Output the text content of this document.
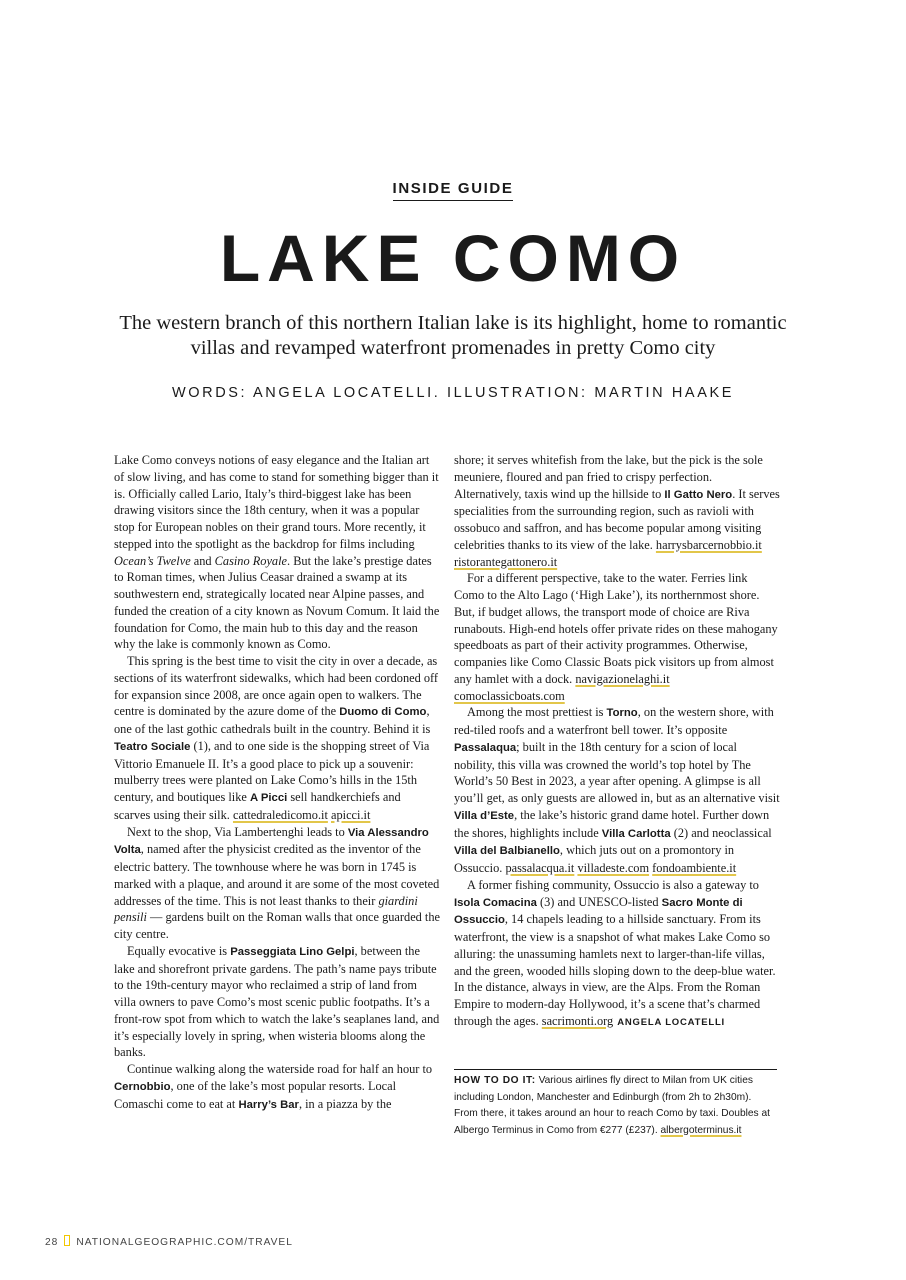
INSIDE GUIDE
LAKE COMO
The western branch of this northern Italian lake is its highlight, home to romantic villas and revamped waterfront promenades in pretty Como city
WORDS: ANGELA LOCATELLI. ILLUSTRATION: MARTIN HAAKE

Lake Como conveys notions of easy elegance and the Italian art of slow living, and has come to stand for something bigger than it is. Officially called Lario, Italy’s third-biggest lake has been drawing visitors since the 18th century, when it was a popular stop for European nobles on their grand tours. More recently, it stepped into the spotlight as the backdrop for films including Ocean’s Twelve and Casino Royale. But the lake’s prestige dates to Roman times, when Julius Ceasar drained a swamp at its southwestern end, strategically located near Alpine passes, and funded the creation of a city known as Novum Comum. It laid the foundation for Como, the main hub to this day and the reason why the lake is commonly known as Como.

This spring is the best time to visit the city in over a decade, as sections of its waterfront sidewalks, which had been cordoned off for expansion since 2008, are once again open to walkers. The centre is dominated by the azure dome of the Duomo di Como, one of the last gothic cathedrals built in the country. Behind it is Teatro Sociale (1), and to one side is the shopping street of Via Vittorio Emanuele II. It’s a good place to pick up a souvenir: mulberry trees were planted on Lake Como’s hills in the 15th century, and boutiques like A Picci sell handkerchiefs and scarves using their silk. cattedraledicomo.it apicci.it

Next to the shop, Via Lambertenghi leads to Via Alessandro Volta, named after the physicist credited as the inventor of the electric battery. The townhouse where he was born in 1745 is marked with a plaque, and around it are some of the most coveted addresses of the time. This is not least thanks to their giardini pensili — gardens built on the Roman walls that once guarded the city centre.

Equally evocative is Passeggiata Lino Gelpi, between the lake and shorefront private gardens. The path’s name pays tribute to the 19th-century mayor who reclaimed a strip of land from villa owners to pave Como’s most scenic public footpaths. It’s a front-row spot from which to watch the lake’s seaplanes land, and it’s especially lovely in spring, when wisteria blooms along the banks.

Continue walking along the waterside road for half an hour to Cernobbio, one of the lake’s most popular resorts. Local Comaschi come to eat at Harry’s Bar, in a piazza by the

shore; it serves whitefish from the lake, but the pick is the sole meuniere, floured and pan fried to crispy perfection. Alternatively, taxis wind up the hillside to Il Gatto Nero. It serves specialities from the surrounding region, such as ravioli with ossobuco and saffron, and has become popular among visiting celebrities thanks to its view of the lake. harrysbarcernobbio.it ristorantegattonero.it

For a different perspective, take to the water. Ferries link Como to the Alto Lago (‘High Lake’), its northernmost shore. But, if budget allows, the transport mode of choice are Riva runabouts. High-end hotels offer private rides on these mahogany speedboats as part of their activity programmes. Otherwise, companies like Como Classic Boats pick visitors up from almost any hamlet with a dock. navigazionelaghi.it comoclassicboats.com

Among the most prettiest is Torno, on the western shore, with red-tiled roofs and a waterfront bell tower. It’s opposite Passalaqua; built in the 18th century for a scion of local nobility, this villa was crowned the world’s top hotel by The World’s 50 Best in 2023, a year after opening. A glimpse is all you’ll get, as only guests are allowed in, but as an alternative visit Villa d’Este, the lake’s historic grand dame hotel. Further down the shores, highlights include Villa Carlotta (2) and neoclassical Villa del Balbianello, which juts out on a promontory in Ossuccio. passalacqua.it villadeste.com fondoambiente.it

A former fishing community, Ossuccio is also a gateway to Isola Comacina (3) and UNESCO-listed Sacro Monte di Ossuccio, 14 chapels leading to a hillside sanctuary. From its waterfront, the view is a snapshot of what makes Lake Como so alluring: the unassuming hamlets next to larger-than-life villas, and the green, wooded hills sloping down to the deep-blue water. In the distance, always in view, are the Alps. From the Roman Empire to modern-day Hollywood, it’s a scene that’s charmed through the ages. sacrimonti.org ANGELA LOCATELLI

HOW TO DO IT: Various airlines fly direct to Milan from UK cities including London, Manchester and Edinburgh (from 2h to 2h30m). From there, it takes around an hour to reach Como by taxi. Doubles at Albergo Terminus in Como from €277 (£237). albergoterminus.it
28 NATIONALGEOGRAPHIC.COM/TRAVEL
